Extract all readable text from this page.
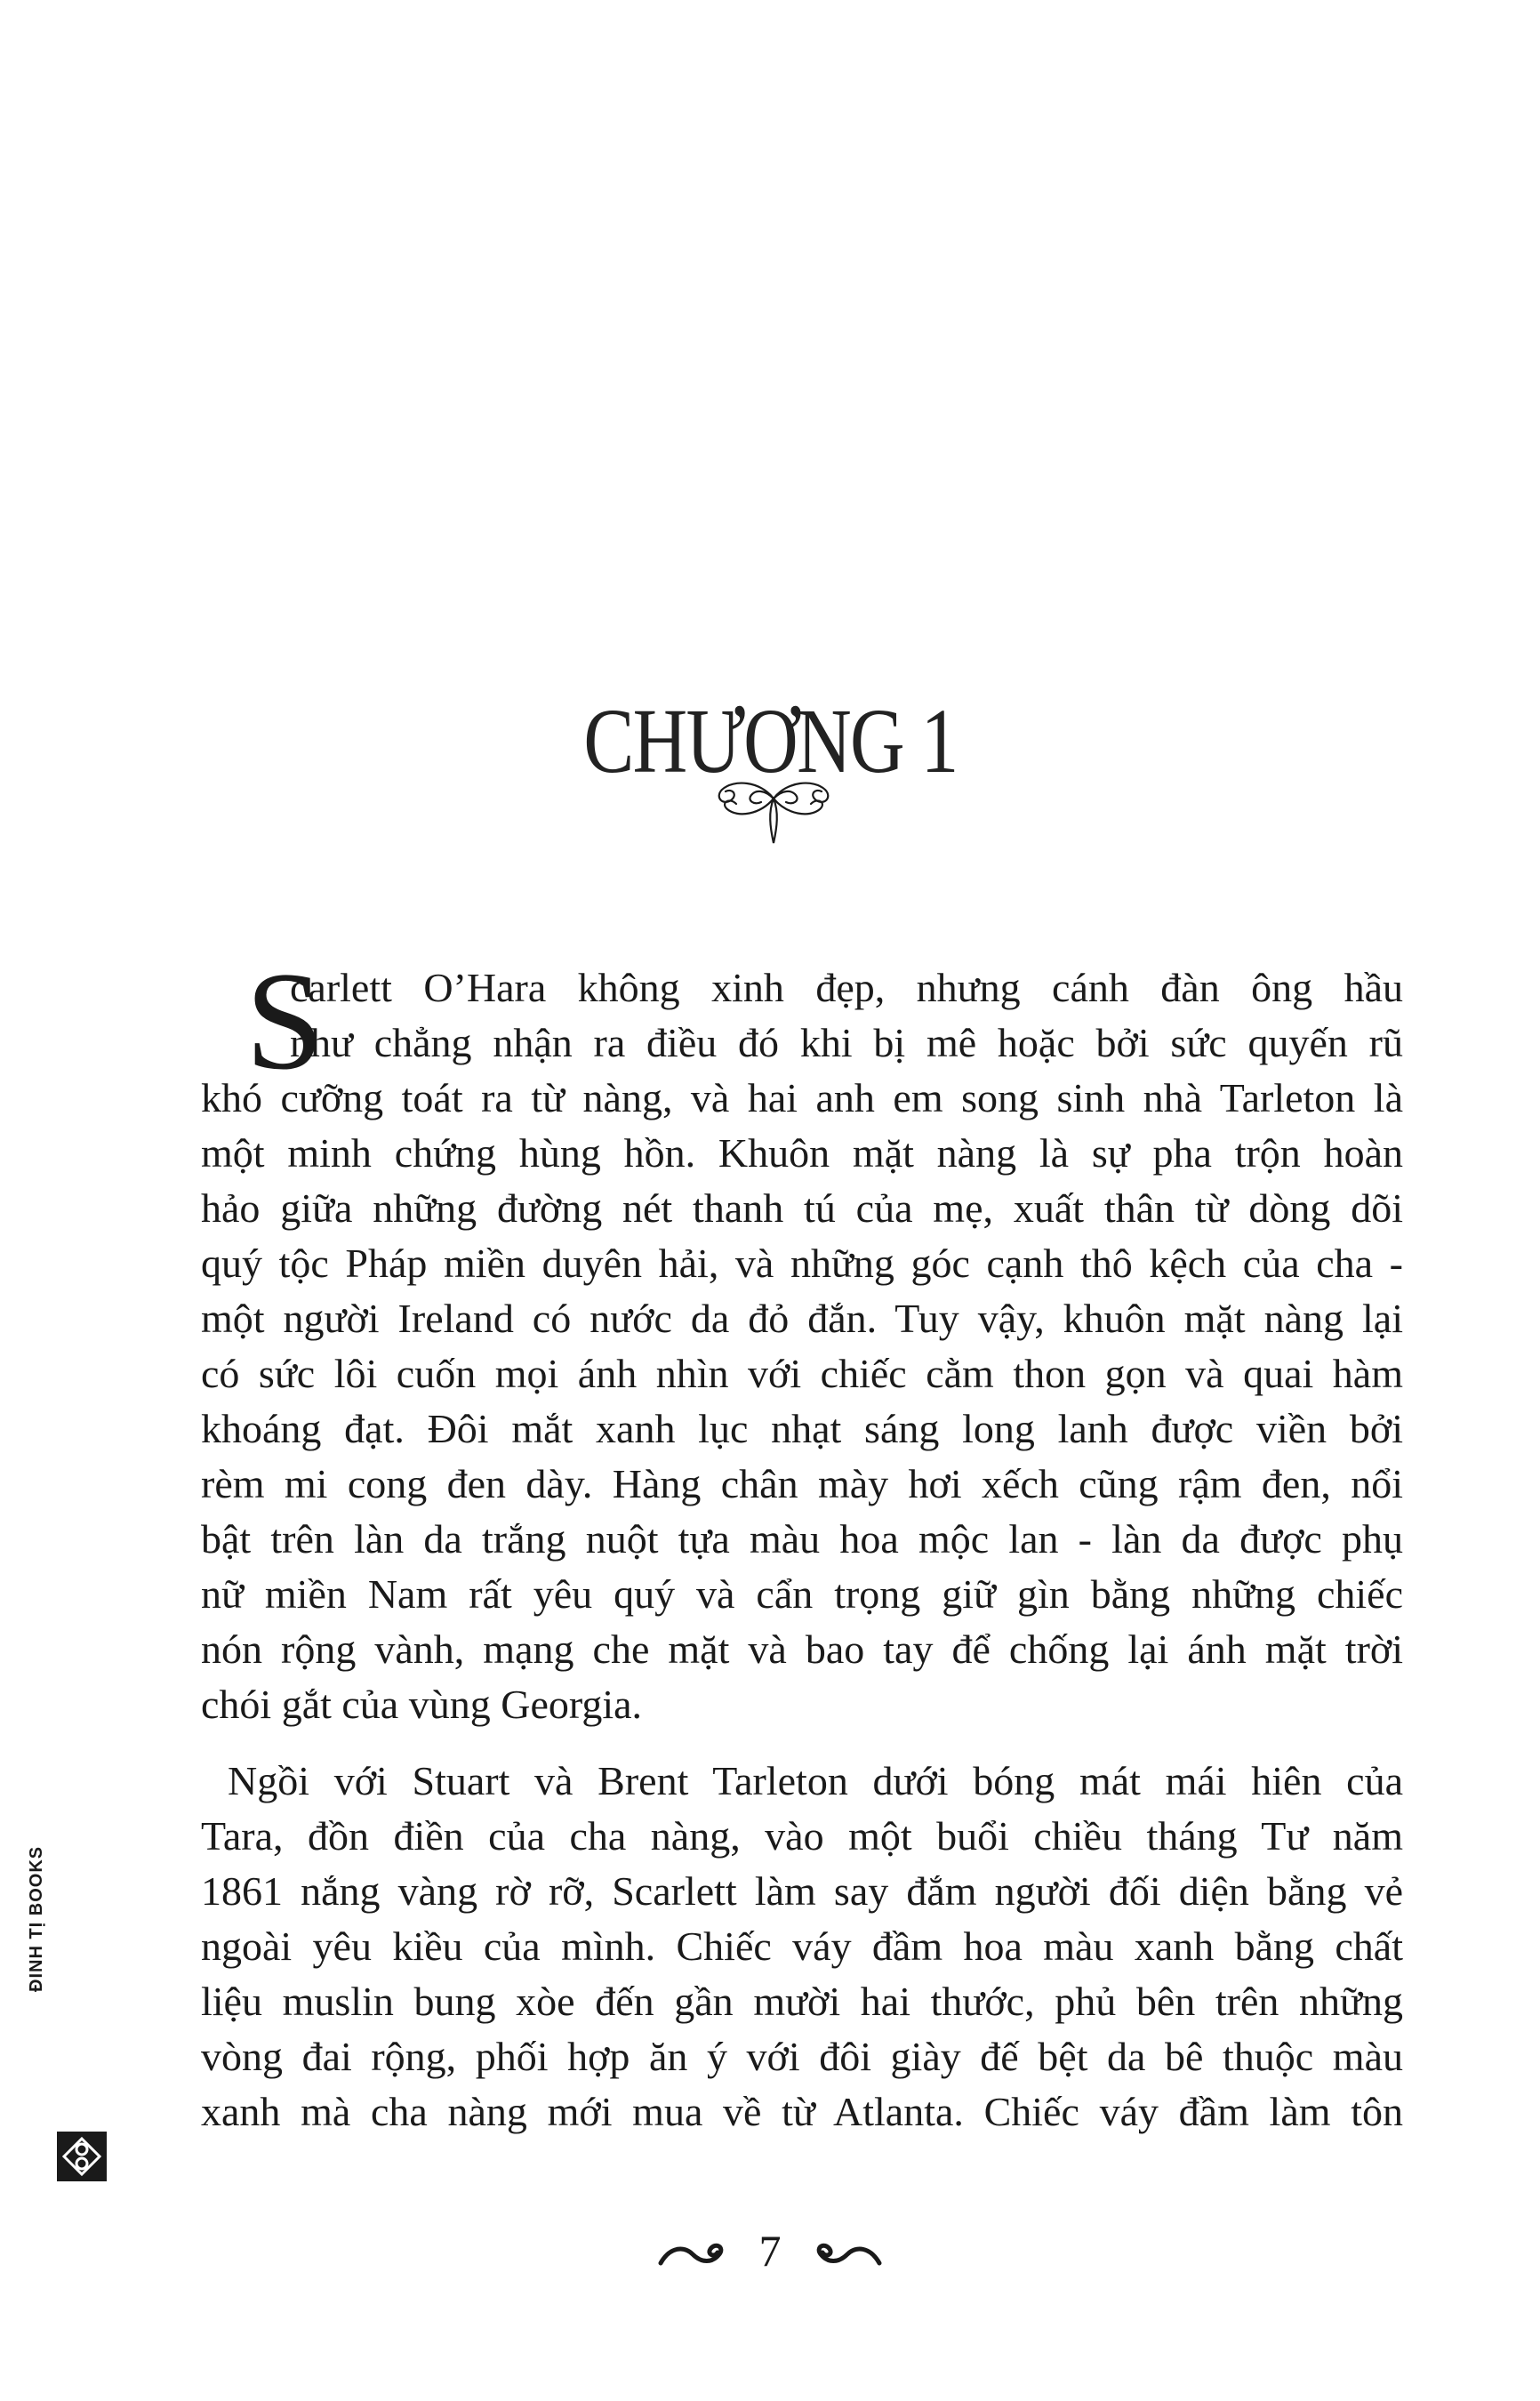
CHƯƠNG 1
S
carlett O’Hara không xinh đẹp, nhưng cánh đàn ông hầu
như chẳng nhận ra điều đó khi bị mê hoặc bởi sức quyến rũ
khó cưỡng toát ra từ nàng, và hai anh em song sinh nhà Tarleton là
một minh chứng hùng hồn. Khuôn mặt nàng là sự pha trộn hoàn
hảo giữa những đường nét thanh tú của mẹ, xuất thân từ dòng dõi
quý tộc Pháp miền duyên hải, và những góc cạnh thô kệch của cha -
một người Ireland có nước da đỏ đắn. Tuy vậy, khuôn mặt nàng lại
có sức lôi cuốn mọi ánh nhìn với chiếc cằm thon gọn và quai hàm
khoáng đạt. Đôi mắt xanh lục nhạt sáng long lanh được viền bởi
rèm mi cong đen dày. Hàng chân mày hơi xếch cũng rậm đen, nổi
bật trên làn da trắng nuột tựa màu hoa mộc lan - làn da được phụ
nữ miền Nam rất yêu quý và cẩn trọng giữ gìn bằng những chiếc
nón rộng vành, mạng che mặt và bao tay để chống lại ánh mặt trời
chói gắt của vùng Georgia.
Ngồi với Stuart và Brent Tarleton dưới bóng mát mái hiên của
Tara, đồn điền của cha nàng, vào một buổi chiều tháng Tư năm
1861 nắng vàng rờ rỡ, Scarlett làm say đắm người đối diện bằng vẻ
ngoài yêu kiều của mình. Chiếc váy đầm hoa màu xanh bằng chất
liệu muslin bung xòe đến gần mười hai thước, phủ bên trên những
vòng đai rộng, phối hợp ăn ý với đôi giày đế bệt da bê thuộc màu
xanh mà cha nàng mới mua về từ Atlanta. Chiếc váy đầm làm tôn
ĐINH TỊ BOOKS
7
